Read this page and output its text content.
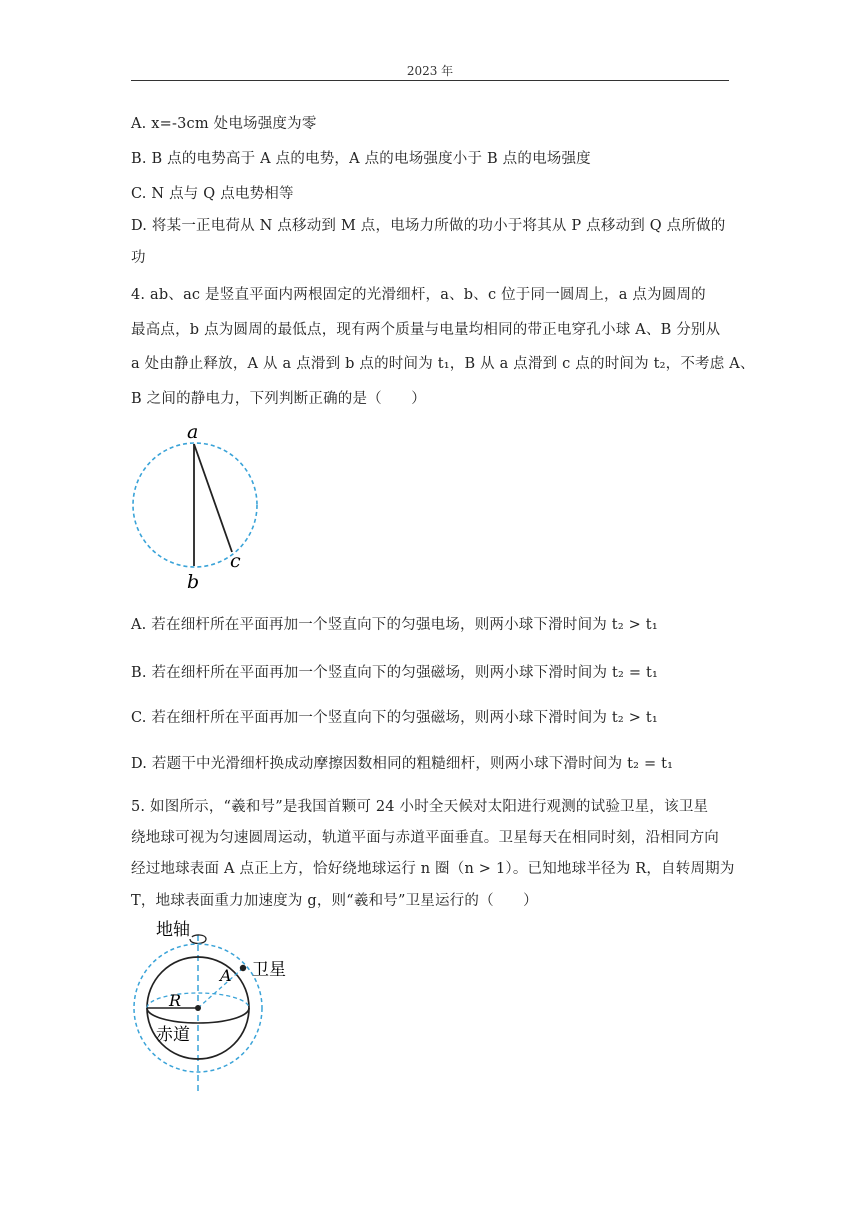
2023 年
A. x=-3cm 处电场强度为零
B. B 点的电势高于 A 点的电势，A 点的电场强度小于 B 点的电场强度
C. N 点与 Q 点电势相等
D. 将某一正电荷从 N 点移动到 M 点，电场力所做的功小于将其从 P 点移动到 Q 点所做的
功
4. ab、ac 是竖直平面内两根固定的光滑细杆，a、b、c 位于同一圆周上，a 点为圆周的
最高点，b 点为圆周的最低点，现有两个质量与电量均相同的带正电穿孔小球 A、B 分别从
a 处由静止释放，A 从 a 点滑到 b 点的时间为 t₁，B 从 a 点滑到 c 点的时间为 t₂，不考虑 A、
B 之间的静电力，下列判断正确的是（　　）
a
b
c
A. 若在细杆所在平面再加一个竖直向下的匀强电场，则两小球下滑时间为 t₂ > t₁
B. 若在细杆所在平面再加一个竖直向下的匀强磁场，则两小球下滑时间为 t₂ = t₁
C. 若在细杆所在平面再加一个竖直向下的匀强磁场，则两小球下滑时间为 t₂ > t₁
D. 若题干中光滑细杆换成动摩擦因数相同的粗糙细杆，则两小球下滑时间为 t₂ = t₁
5. 如图所示，“羲和号”是我国首颗可 24 小时全天候对太阳进行观测的试验卫星，该卫星
绕地球可视为匀速圆周运动，轨道平面与赤道平面垂直。卫星每天在相同时刻，沿相同方向
经过地球表面 A 点正上方，恰好绕地球运行 n 圈（n > 1）。已知地球半径为 R，自转周期为
T，地球表面重力加速度为 g，则“羲和号”卫星运行的（　　）
地轴
卫星
A
R
赤道
